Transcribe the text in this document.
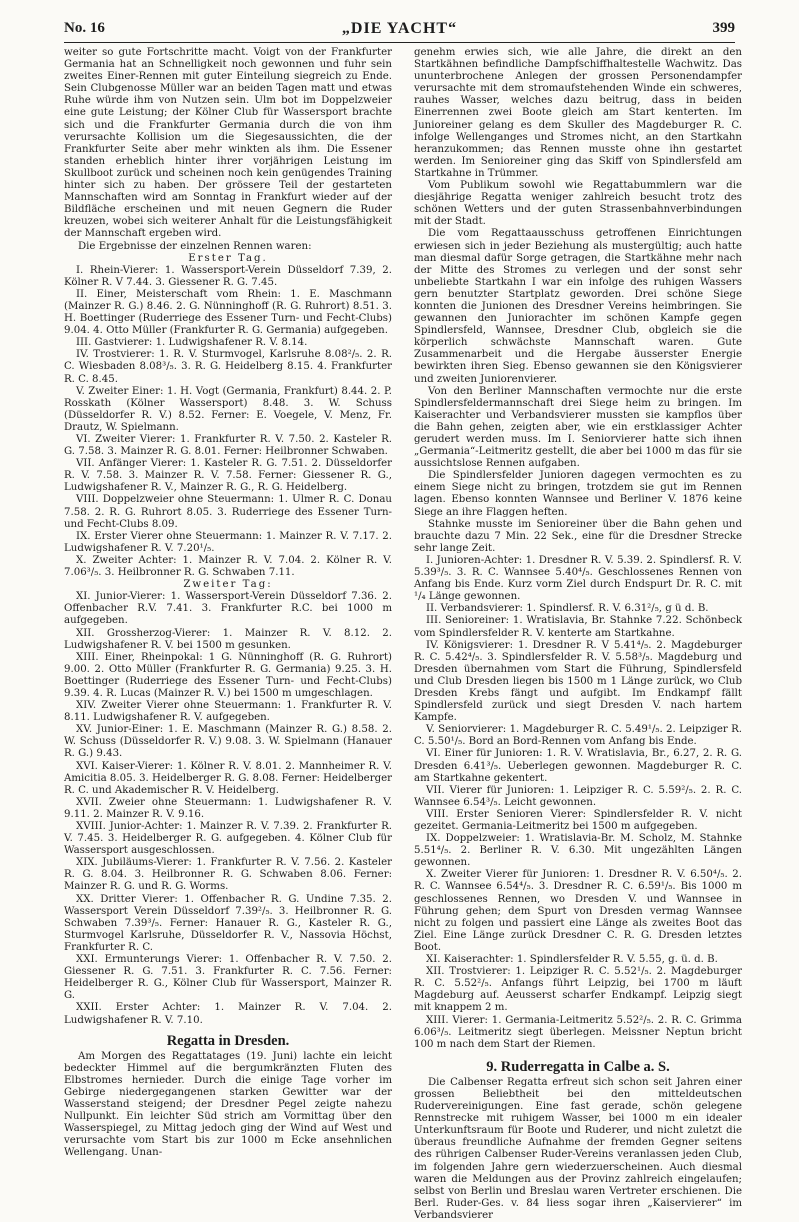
No. 16	„DIE YACHT“	399

weiter so gute Fortschritte macht. Voigt von der Frankfurter Germania hat an Schnelligkeit noch gewonnen und fuhr sein zweites Einer-Rennen mit guter Einteilung siegreich zu Ende. Sein Clubgenosse Müller war an beiden Tagen matt und etwas Ruhe würde ihm von Nutzen sein. Ulm bot im Doppelzweier eine gute Leistung; der Kölner Club für Wassersport brachte sich und die Frankfurter Germania durch die von ihm verursachte Kollision um die Siegesaussichten, die der Frankfurter Seite aber mehr winkten als ihm. Die Essener standen erheblich hinter ihrer vorjährigen Leistung im Skullboot zurück und scheinen noch kein genügendes Training hinter sich zu haben. Der grössere Teil der gestarteten Mannschaften wird am Sonntag in Frankfurt wieder auf der Bildfläche erscheinen und mit neuen Gegnern die Ruder kreuzen, wobei sich weiterer Anhalt für die Leistungsfähigkeit der Mannschaft ergeben wird.

Die Ergebnisse der einzelnen Rennen waren:

Erster Tag.

I. Rhein-Vierer: 1. Wassersport-Verein Düsseldorf 7.39, 2. Kölner R. V 7.44. 3. Giessener R. G. 7.45.

II. Einer, Meisterschaft vom Rhein: 1. E. Maschmann (Mainzer R. G.) 8.46. 2. G. Nünninghoff (R. G. Ruhrort) 8.51. 3. H. Boettinger (Ruderriege des Essener Turn- und Fecht-Clubs) 9.04. 4. Otto Müller (Frankfurter R. G. Germania) aufgegeben.

III. Gastvierer: 1. Ludwigshafener R. V. 8.14.

IV. Trostvierer: 1. R. V. Sturmvogel, Karlsruhe 8.08²/₅. 2. R. C. Wiesbaden 8.08³/₅. 3. R. G. Heidelberg 8.15. 4. Frankfurter R. C. 8.45.

V. Zweiter Einer: 1. H. Vogt (Germania, Frankfurt) 8.44. 2. P. Rosskath (Kölner Wassersport) 8.48. 3. W. Schuss (Düsseldorfer R. V.) 8.52. Ferner: E. Voegele, V. Menz, Fr. Drautz, W. Spielmann.

VI. Zweiter Vierer: 1. Frankfurter R. V. 7.50. 2. Kasteler R. G. 7.58. 3. Mainzer R. G. 8.01. Ferner: Heilbronner Schwaben.

VII. Anfänger Vierer: 1. Kasteler R. G. 7.51. 2. Düsseldorfer R. V. 7.58. 3. Mainzer R. V. 7.58. Ferner: Giessener R. G., Ludwigshafener R. V., Mainzer R. G., R. G. Heidelberg.

VIII. Doppelzweier ohne Steuermann: 1. Ulmer R. C. Donau 7.58. 2. R. G. Ruhrort 8.05. 3. Ruderriege des Essener Turn- und Fecht-Clubs 8.09.

IX. Erster Vierer ohne Steuermann: 1. Mainzer R. V. 7.17. 2. Ludwigshafener R. V. 7.20¹/₅.

X. Zweiter Achter: 1. Mainzer R. V. 7.04. 2. Kölner R. V. 7.06³/₅. 3. Heilbronner R. G. Schwaben 7.11.

Zweiter Tag:

XI. Junior-Vierer: 1. Wassersport-Verein Düsseldorf 7.36. 2. Offenbacher R.V. 7.41. 3. Frankfurter R.C. bei 1000 m aufgegeben.

XII. Grossherzog-Vierer: 1. Mainzer R. V. 8.12. 2. Ludwigshafener R. V. bei 1500 m gesunken.

XIII. Einer, Rheinpokal: 1 G. Nünninghoff (R. G. Ruhrort) 9.00. 2. Otto Müller (Frankfurter R. G. Germania) 9.25. 3. H. Boettinger (Ruderriege des Essener Turn- und Fecht-Clubs) 9.39. 4. R. Lucas (Mainzer R. V.) bei 1500 m umgeschlagen.

XIV. Zweiter Vierer ohne Steuermann: 1. Frankfurter R. V. 8.11. Ludwigshafener R. V. aufgegeben.

XV. Junior-Einer: 1. E. Maschmann (Mainzer R. G.) 8.58. 2. W. Schuss (Düsseldorfer R. V.) 9.08. 3. W. Spielmann (Hanauer R. G.) 9.43.

XVI. Kaiser-Vierer: 1. Kölner R. V. 8.01. 2. Mannheimer R. V. Amicitia 8.05. 3. Heidelberger R. G. 8.08. Ferner: Heidelberger R. C. und Akademischer R. V. Heidelberg.

XVII. Zweier ohne Steuermann: 1. Ludwigshafener R. V. 9.11. 2. Mainzer R. V. 9.16.

XVIII. Junior-Achter: 1. Mainzer R. V. 7.39. 2. Frankfurter R. V. 7.45. 3. Heidelberger R. G. aufgegeben. 4. Kölner Club für Wassersport ausgeschlossen.

XIX. Jubiläums-Vierer: 1. Frankfurter R. V. 7.56. 2. Kasteler R. G. 8.04. 3. Heilbronner R. G. Schwaben 8.06. Ferner: Mainzer R. G. und R. G. Worms.

XX. Dritter Vierer: 1. Offenbacher R. G. Undine 7.35. 2. Wassersport Verein Düsseldorf 7.39²/₅. 3. Heilbronner R. G. Schwaben 7.39³/₅. Ferner: Hanauer R. G., Kasteler R. G., Sturmvogel Karlsruhe, Düsseldorfer R. V., Nassovia Höchst, Frankfurter R. C.

XXI. Ermunterungs Vierer: 1. Offenbacher R. V. 7.50. 2. Giessener R. G. 7.51. 3. Frankfurter R. C. 7.56. Ferner: Heidelberger R. G., Kölner Club für Wassersport, Mainzer R. G.

XXII. Erster Achter: 1. Mainzer R. V. 7.04. 2. Ludwigshafener R. V. 7.10.

Regatta in Dresden.

Am Morgen des Regattatages (19. Juni) lachte ein leicht bedeckter Himmel auf die bergumkränzten Fluten des Elbstromes hernieder. Durch die einige Tage vorher im Gebirge niedergegangenen starken Gewitter war der Wasserstand steigend; der Dresdner Pegel zeigte nahezu Nullpunkt. Ein leichter Süd strich am Vormittag über den Wasserspiegel, zu Mittag jedoch ging der Wind auf West und verursachte vom Start bis zur 1000 m Ecke ansehnlichen Wellengang. Unan-

genehm erwies sich, wie alle Jahre, die direkt an den Startkähnen befindliche Dampfschiffhaltestelle Wachwitz. Das ununterbrochene Anlegen der grossen Personendampfer verursachte mit dem stromaufstehenden Winde ein schweres, rauhes Wasser, welches dazu beitrug, dass in beiden Einerrennen zwei Boote gleich am Start kenterten. Im Juniorеiner gelang es dem Skuller des Magdeburger R. C. infolge Wellenganges und Stromes nicht, an den Startkahn heranzukommen; das Rennen musste ohne ihn gestartet werden. Im Senioreiner ging das Skiff von Spindlersfeld am Startkahne in Trümmer.

Vom Publikum sowohl wie Regattabummlern war die diesjährige Regatta weniger zahlreich besucht trotz des schönen Wetters und der guten Strassenbahnverbindungen mit der Stadt.

Die vom Regattaausschuss getroffenen Einrichtungen erwiesen sich in jeder Beziehung als mustergültig; auch hatte man diesmal dafür Sorge getragen, die Startkähne mehr nach der Mitte des Stromes zu verlegen und der sonst sehr unbeliebte Startkahn I war ein infolge des ruhigen Wassers gern benutzter Startplatz geworden. Drei schöne Siege konnten die Junionen des Dresdner Vereins heimbringen. Sie gewannen den Juniorachter im schönen Kampfe gegen Spindlersfeld, Wannsee, Dresdner Club, obgleich sie die körperlich schwächste Mannschaft waren. Gute Zusammenarbeit und die Hergabe äusserster Energie bewirkten ihren Sieg. Ebenso gewannen sie den Königsvierer und zweiten Juniorenvierer.

Von den Berliner Mannschaften vermochte nur die erste Spindlersfeldermannschaft drei Siege heim zu bringen. Im Kaiserachter und Verbandsvierer mussten sie kampflos über die Bahn gehen, zeigten aber, wie ein erstklassiger Achter gerudert werden muss. Im I. Seniorvierer hatte sich ihnen „Germania“-Leitmeritz gestellt, die aber bei 1000 m das für sie aussichtslose Rennen aufgaben.

Die Spindlersfelder Junioren dagegen vermochten es zu einem Siege nicht zu bringen, trotzdem sie gut im Rennen lagen. Ebenso konnten Wannsee und Berliner V. 1876 keine Siege an ihre Flaggen heften.

Stahnke musste im Senioreiner über die Bahn gehen und brauchte dazu 7 Min. 22 Sek., eine für die Dresdner Strecke sehr lange Zeit.

I. Junioren-Achter: 1. Dresdner R. V. 5.39. 2. Spindlersf. R. V. 5.39³/₅. 3. R. C. Wannsee 5.40⁴/₅. Geschlossenes Rennen von Anfang bis Ende. Kurz vorm Ziel durch Endspurt Dr. R. C. mit ¹/₄ Länge gewonnen.

II. Verbandsvierer: 1. Spindlersf. R. V. 6.31²/₅, g ü d. B.

III. Senioreiner: 1. Wratislavia, Br. Stahnke 7.22. Schönbeck vom Spindlersfelder R. V. kenterte am Startkahne.

IV. Königsvierer: 1. Dresdner R. V 5.41⁴/₅. 2. Magdeburger R. C. 5.42⁴/₅. 3. Spindlersfelder R. V. 5.58³/₅. Magdeburg und Dresden übernahmen vom Start die Führung, Spindlersfeld und Club Dresden liegen bis 1500 m 1 Länge zurück, wo Club Dresden Krebs fängt und aufgibt. Im Endkampf fällt Spindlersfeld zurück und siegt Dresden V. nach hartem Kampfe.

V. Seniorvierer: 1. Magdeburger R. C. 5.49¹/₅. 2. Leipziger R. C. 5.50¹/₅. Bord an Bord-Rennen vom Anfang bis Ende.

VI. Einer für Junioren: 1. R. V. Wratislavia, Br., 6.27, 2. R. G. Dresden 6.41³/₅. Ueberlegen gewonnen. Magdeburger R. C. am Startkahne gekentert.

VII. Vierer für Junioren: 1. Leipziger R. C. 5.59²/₅. 2. R. C. Wannsee 6.54³/₅. Leicht gewonnen.

VIII. Erster Senioren Vierer: Spindlersfelder R. V. nicht gezeitet. Germania-Leitmeritz bei 1500 m aufgegeben.

IX. Doppelzweier: 1. Wratislavia-Br. M. Scholz, M. Stahnke 5.51⁴/₅. 2. Berliner R. V. 6.30. Mit ungezählten Längen gewonnen.

X. Zweiter Vierer für Junioren: 1. Dresdner R. V. 6.50⁴/₅. 2. R. C. Wannsee 6.54⁴/₅. 3. Dresdner R. C. 6.59¹/₅. Bis 1000 m geschlossenes Rennen, wo Dresden V. und Wannsee in Führung gehen; dem Spurt von Dresden vermag Wannsee nicht zu folgen und passiert eine Länge als zweites Boot das Ziel. Eine Länge zurück Dresdner C. R. G. Dresden letztes Boot.

XI. Kaiserachter: 1. Spindlersfelder R. V. 5.55, g. ü. d. B.

XII. Trostvierer: 1. Leipziger R. C. 5.52¹/₅. 2. Magdeburger R. C. 5.52²/₅. Anfangs führt Leipzig, bei 1700 m läuft Magdeburg auf. Aeusserst scharfer Endkampf. Leipzig siegt mit knappem 2 m.

XIII. Vierer: 1. Germania-Leitmeritz 5.52²/₅. 2. R. C. Grimma 6.06³/₅. Leitmeritz siegt überlegen. Meissner Neptun bricht 100 m nach dem Start der Riemen.

9. Ruderregatta in Calbe a. S.

Die Calbenser Regatta erfreut sich schon seit Jahren einer grossen Beliebtheit bei den mitteldeutschen Rudervereinigungen. Eine fast gerade, schön gelegene Rennstrecke mit ruhigem Wasser, bei 1000 m ein idealer Unterkunftsraum für Boote und Ruderer, und nicht zuletzt die überaus freundliche Aufnahme der fremden Gegner seitens des rührigen Calbenser Ruder-Vereins veranlassen jeden Club, im folgenden Jahre gern wiederzuerscheinen. Auch diesmal waren die Meldungen aus der Provinz zahlreich eingelaufen; selbst von Berlin und Breslau waren Vertreter erschienen. Die Berl. Ruder-Ges. v. 84 liess sogar ihren „Kaiservierer“ im Verbandsvierer
